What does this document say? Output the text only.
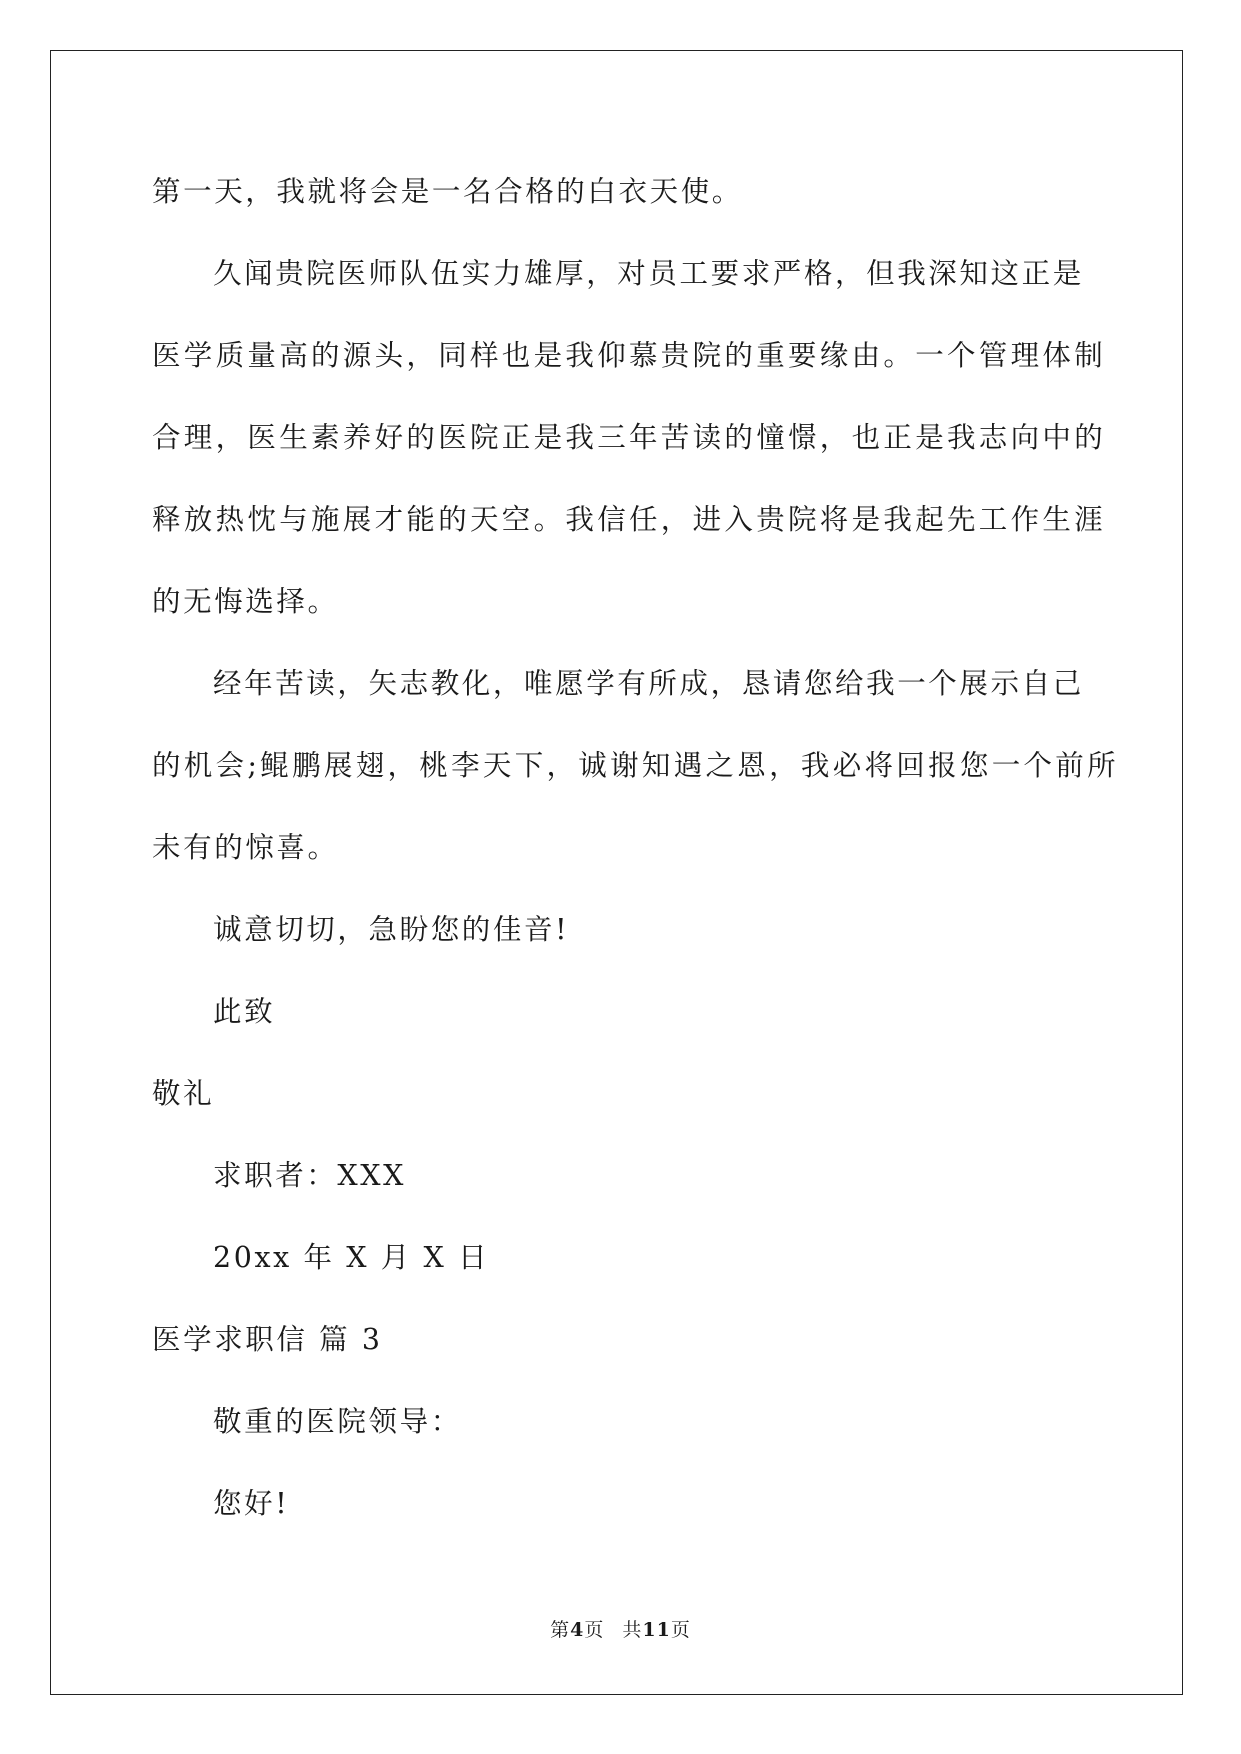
第一天，我就将会是一名合格的白衣天使。
久闻贵院医师队伍实力雄厚，对员工要求严格，但我深知这正是
医学质量高的源头，同样也是我仰慕贵院的重要缘由。一个管理体制
合理，医生素养好的医院正是我三年苦读的憧憬，也正是我志向中的
释放热忱与施展才能的天空。我信任，进入贵院将是我起先工作生涯
的无悔选择。
经年苦读，矢志教化，唯愿学有所成，恳请您给我一个展示自己
的机会;鲲鹏展翅，桃李天下，诚谢知遇之恩，我必将回报您一个前所
未有的惊喜。
诚意切切，急盼您的佳音!
此致
敬礼
求职者：XXX
20xx 年 X 月 X 日
医学求职信 篇 3
敬重的医院领导：
您好!
第4页 共11页
